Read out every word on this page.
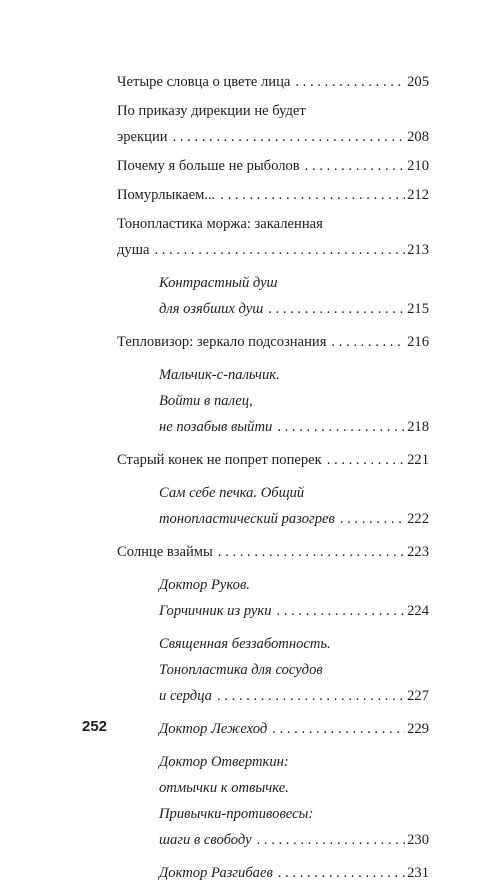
Четыре словца о цвете лица . . .	205
По приказу дирекции не будет
эрекции . . .	208
Почему я больше не рыболов . . .	210
Помурлыкаем... . . .	212
Тонопластика моржа: закаленная
душа . . .	213
Контрастный душ
для озябших душ . . .	215
Тепловизор: зеркало подсознания . . .	216
Мальчик-с-пальчик.
Войти в палец,
не позабыв выйти . . .	218
Старый конек не попрет поперек . . .	221
Сам себе печка. Общий
тонопластический разогрев . . .	222
Солнце взаймы . . .	223
Доктор Руков.
Горчичник из руки . . .	224
Священная беззаботность.
Тонопластика для сосудов
и сердца . . .	227
Доктор Лежеход . . .	229
Доктор Отверткин:
отмычки к отвычке.
Привычки-противовесы:
шаги в свободу . . .	230
Доктор Разгибаев . . .	231
252
